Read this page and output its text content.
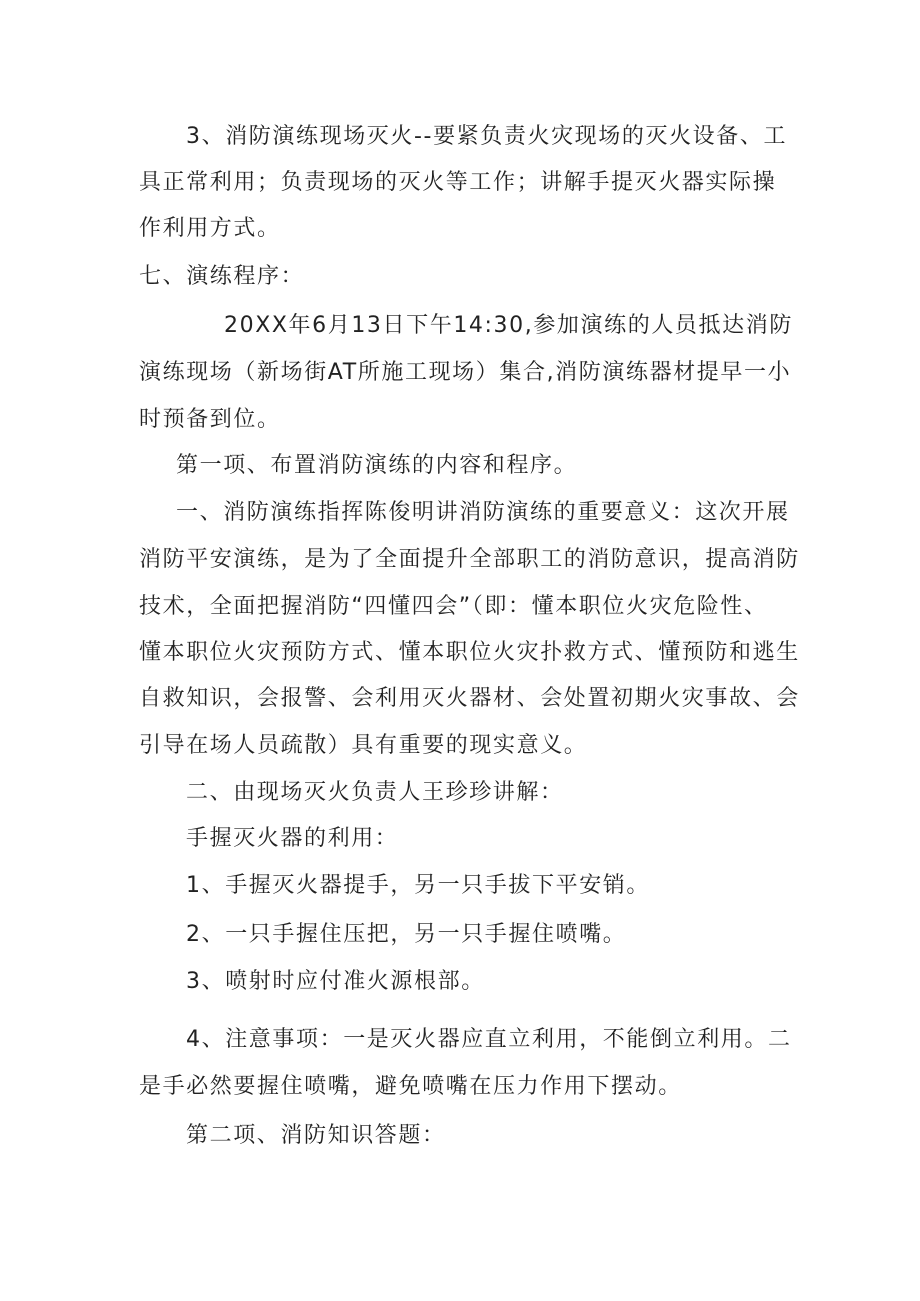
3、消防演练现场灭火--要紧负责火灾现场的灭火设备、工
具正常利用；负责现场的灭火等工作；讲解手提灭火器实际操
作利用方式。
七、演练程序：
20XX年6月13日下午14:30,参加演练的人员抵达消防
演练现场（新场街AT所施工现场）集合,消防演练器材提早一小
时预备到位。
第一项、布置消防演练的内容和程序。
一、消防演练指挥陈俊明讲消防演练的重要意义：这次开展
消防平安演练，是为了全面提升全部职工的消防意识，提高消防
技术，全面把握消防“四懂四会”（即：懂本职位火灾危险性、
懂本职位火灾预防方式、懂本职位火灾扑救方式、懂预防和逃生
自救知识，会报警、会利用灭火器材、会处置初期火灾事故、会
引导在场人员疏散）具有重要的现实意义。
二、由现场灭火负责人王珍珍讲解：
手握灭火器的利用：
1、手握灭火器提手，另一只手拔下平安销。
2、一只手握住压把，另一只手握住喷嘴。
3、喷射时应付准火源根部。
4、注意事项：一是灭火器应直立利用，不能倒立利用。二
是手必然要握住喷嘴，避免喷嘴在压力作用下摆动。
第二项、消防知识答题：
